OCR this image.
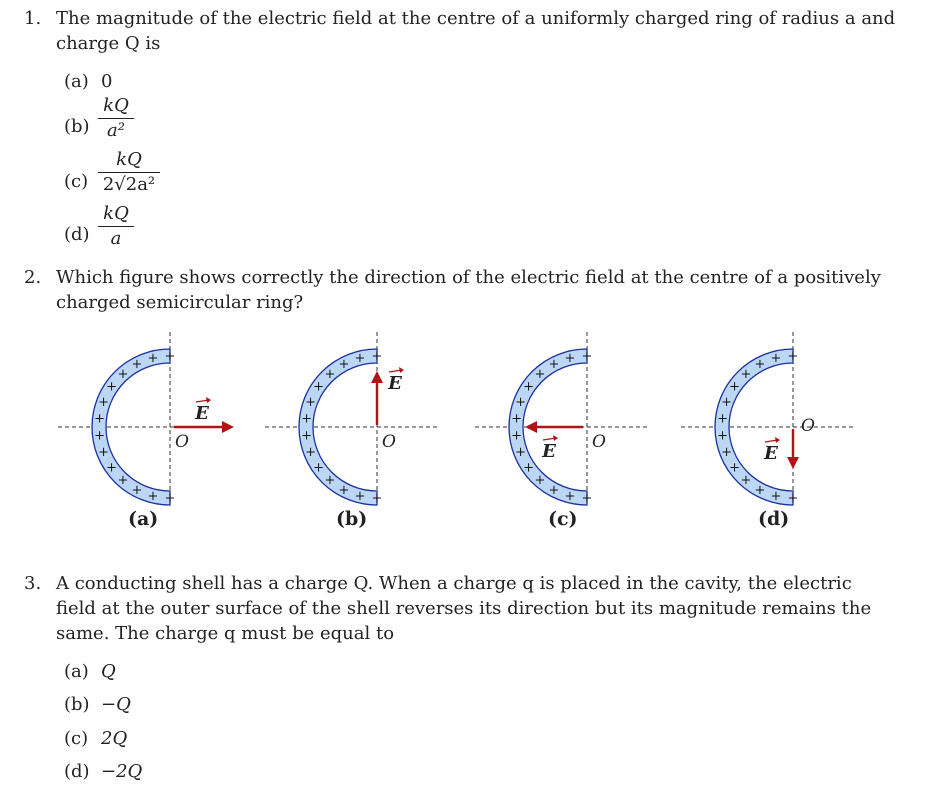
1. The magnitude of the electric field at the centre of a uniformly charged ring of radius a and
charge Q is
(a) 0
(b)
kQ
a²
(c)
kQ
2√2a²
(d)
kQ
a
2. Which figure shows correctly the direction of the electric field at the centre of a positively
charged semicircular ring?
+
+
+
+
+
+
+
+
+
+
+
+ + +
E
O
+
+
+
+
+
+
+
+
+
+
+
+ + +
E
O
+
+
+
+
+
+
+
+
+
+
+
+ + +
E O
+
+
+
+
+
+
+
+
+
+
+
+ + +
E
O
(a)	(b)	(c)	(d)
3. A conducting shell has a charge Q. When a charge q is placed in the cavity, the electric
field at the outer surface of the shell reverses its direction but its magnitude remains the
same. The charge q must be equal to
(a) Q
(b) −Q
(c) 2Q
(d) −2Q
